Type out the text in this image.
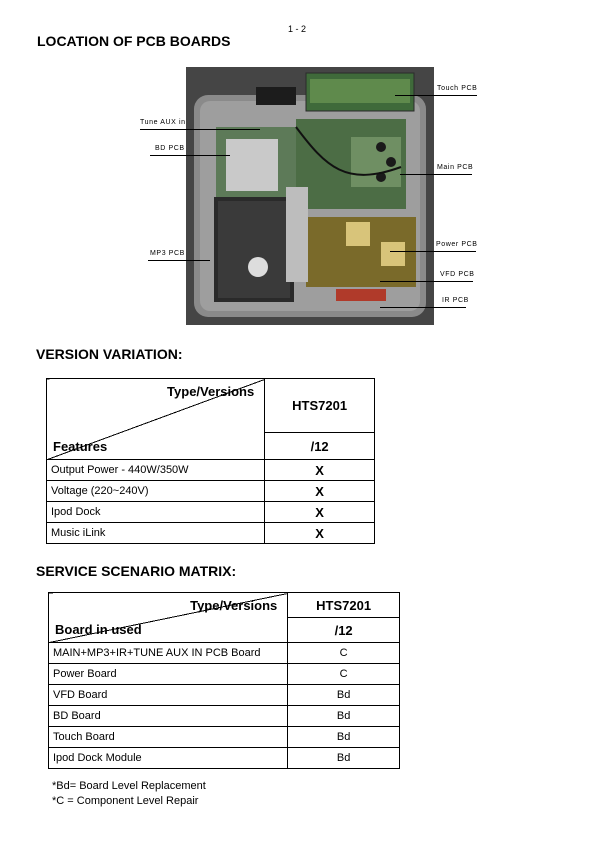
1 - 2
LOCATION OF PCB BOARDS
Touch PCB
Tune AUX in
BD PCB
Main PCB
Power PCB
MP3 PCB
VFD PCB
IR PCB
VERSION VARIATION:
Type/Versions
Features	HTS7201
	/12
Output Power - 440W/350W	X
Voltage (220~240V)	X
Ipod Dock	X
Music iLink	X
SERVICE SCENARIO MATRIX:
Type/Versions
Board in used	HTS7201
	/12
MAIN+MP3+IR+TUNE AUX IN PCB Board	C
Power Board	C
VFD Board	Bd
BD Board	Bd
Touch Board	Bd
Ipod Dock Module	Bd
*Bd= Board Level Replacement
*C = Component Level Repair
